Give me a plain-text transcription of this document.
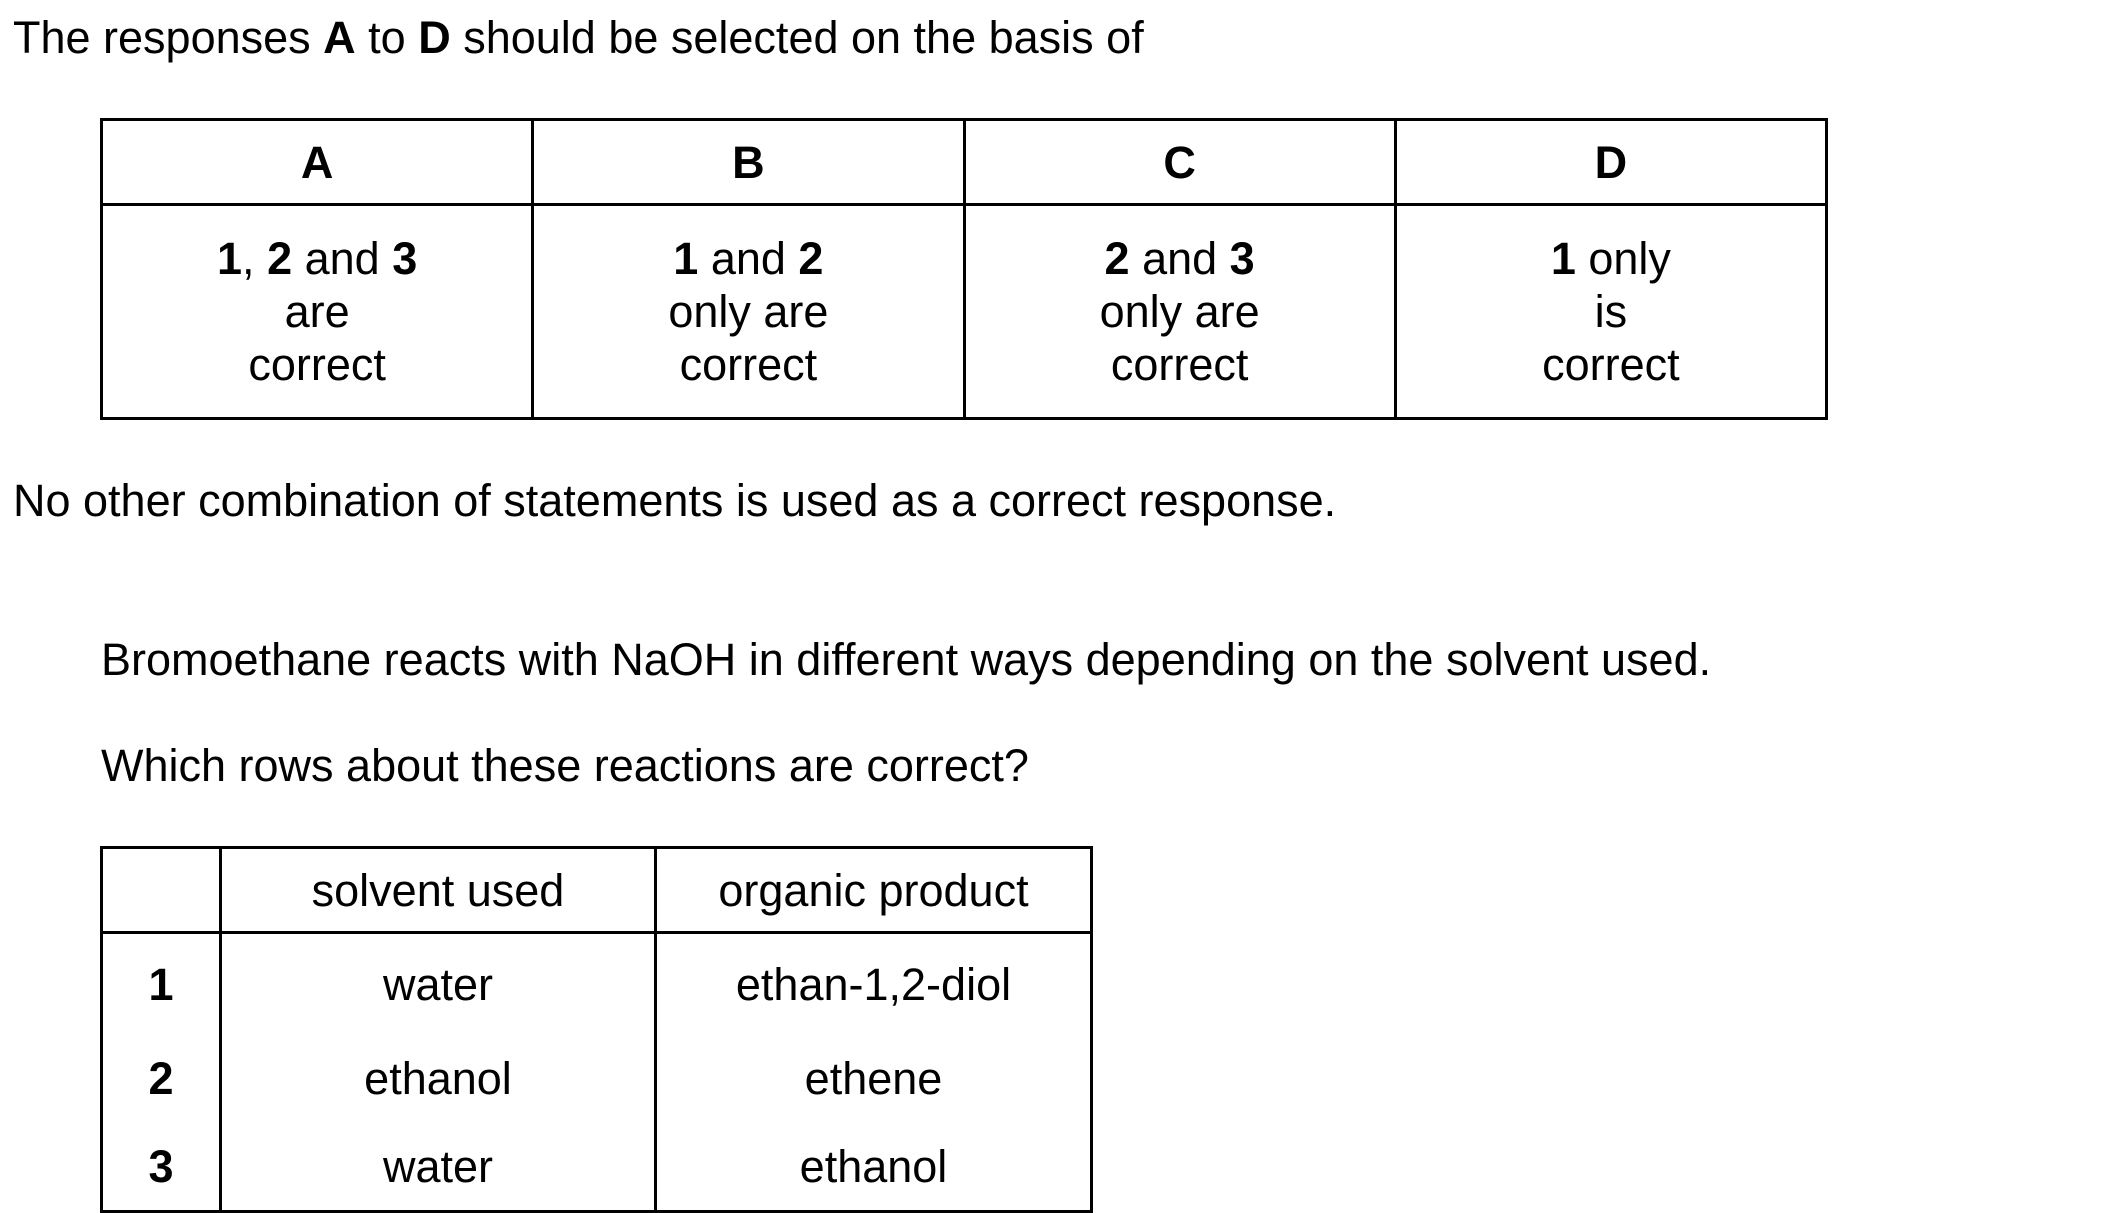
The responses A to D should be selected on the basis of

A	B	C	D

1, 2 and 3
are
correct	1 and 2
only are
correct	2 and 3
only are
correct	1 only
is
correct

No other combination of statements is used as a correct response.

Bromoethane reacts with NaOH in different ways depending on the solvent used.

Which rows about these reactions are correct?

	solvent used	organic product
1	water	ethan-1,2-diol
2	ethanol	ethene
3	water	ethanol
